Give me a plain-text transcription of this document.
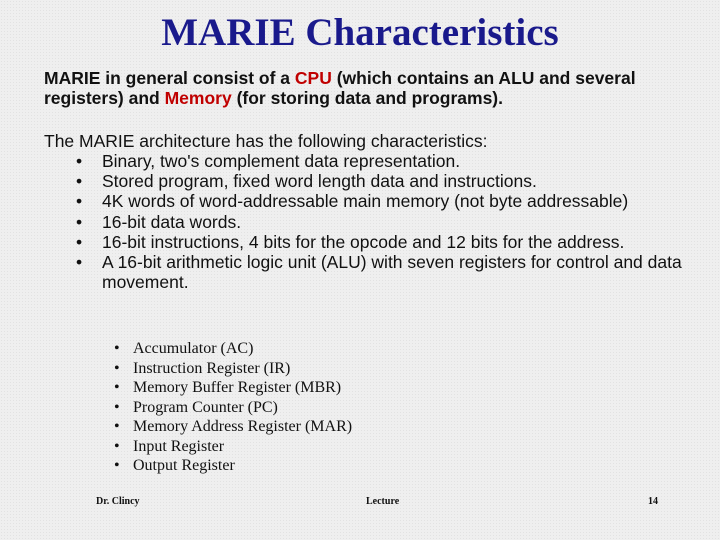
MARIE Characteristics
MARIE in general consist of a CPU (which contains an ALU and several registers) and Memory (for storing data and programs).
The MARIE architecture has the following characteristics:
• Binary, two's complement data representation.
• Stored program, fixed word length data and instructions.
• 4K words of word-addressable main memory (not byte addressable)
• 16-bit data words.
• 16-bit instructions, 4 bits for the opcode and 12 bits for the address.
• A 16-bit arithmetic logic unit (ALU) with seven registers for control and data movement.
• Accumulator (AC)
• Instruction Register (IR)
• Memory Buffer Register (MBR)
• Program Counter (PC)
• Memory Address Register (MAR)
• Input Register
• Output Register
Dr. Clincy	Lecture	14
